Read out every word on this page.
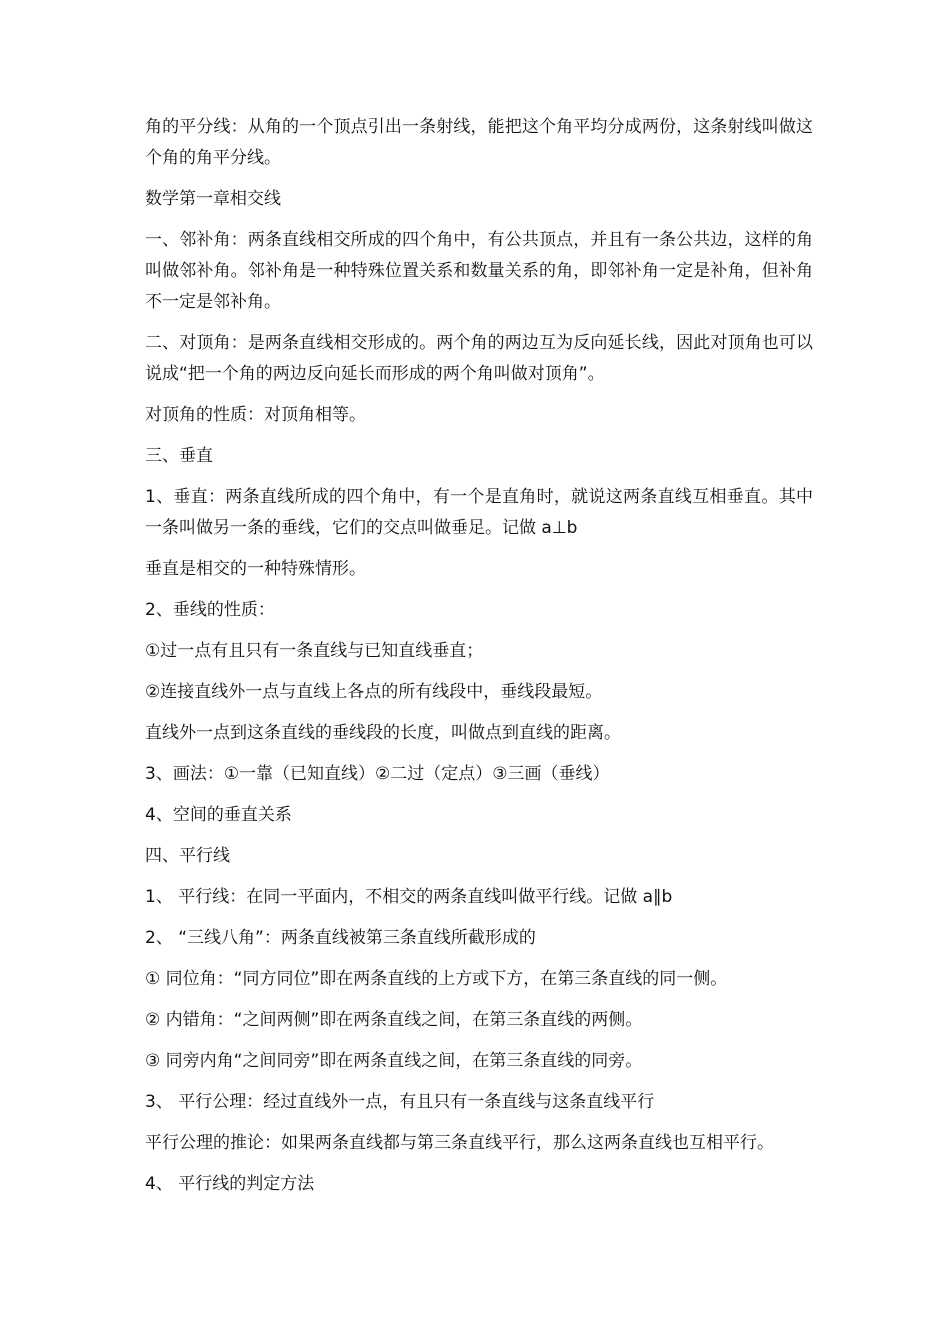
角的平分线：从角的一个顶点引出一条射线，能把这个角平均分成两份，这条射线叫做这个角的角平分线。

数学第一章相交线

一、邻补角：两条直线相交所成的四个角中，有公共顶点，并且有一条公共边，这样的角叫做邻补角。邻补角是一种特殊位置关系和数量关系的角，即邻补角一定是补角，但补角不一定是邻补角。

二、对顶角：是两条直线相交形成的。两个角的两边互为反向延长线，因此对顶角也可以说成“把一个角的两边反向延长而形成的两个角叫做对顶角”。

对顶角的性质：对顶角相等。

三、垂直

1、垂直：两条直线所成的四个角中，有一个是直角时，就说这两条直线互相垂直。其中一条叫做另一条的垂线，它们的交点叫做垂足。记做 a⊥b

垂直是相交的一种特殊情形。

2、垂线的性质：

①过一点有且只有一条直线与已知直线垂直；

②连接直线外一点与直线上各点的所有线段中，垂线段最短。

直线外一点到这条直线的垂线段的长度，叫做点到直线的距离。

3、画法：①一靠（已知直线）②二过（定点）③三画（垂线）

4、空间的垂直关系

四、平行线

1、 平行线：在同一平面内，不相交的两条直线叫做平行线。记做 a∥b

2、 “三线八角”：两条直线被第三条直线所截形成的

① 同位角：“同方同位”即在两条直线的上方或下方，在第三条直线的同一侧。

② 内错角：“之间两侧”即在两条直线之间，在第三条直线的两侧。

③ 同旁内角“之间同旁”即在两条直线之间，在第三条直线的同旁。

3、 平行公理：经过直线外一点，有且只有一条直线与这条直线平行

平行公理的推论：如果两条直线都与第三条直线平行，那么这两条直线也互相平行。

4、 平行线的判定方法
